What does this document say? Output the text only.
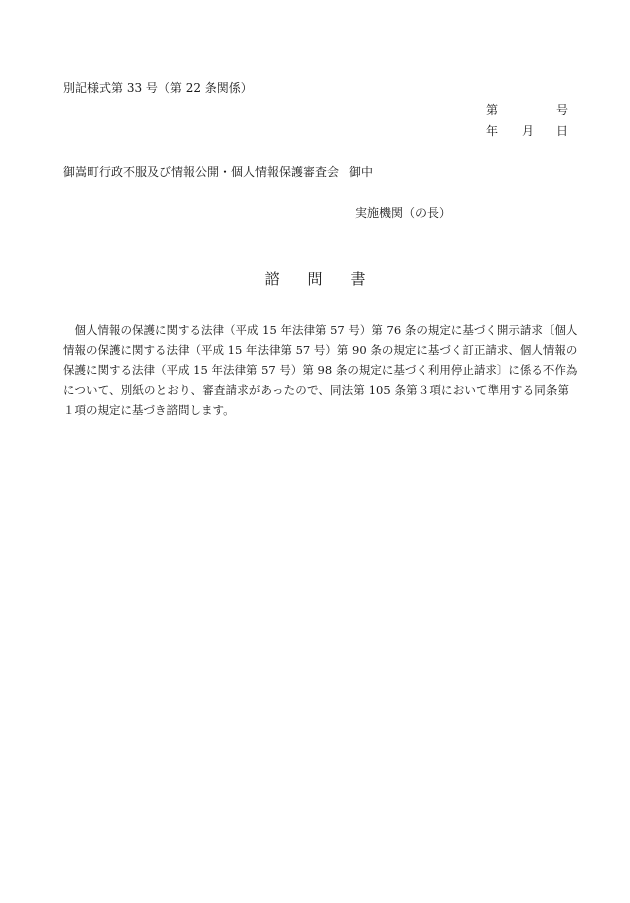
別記様式第 33 号（第 22 条関係）
第	号
年 月 日
御嵩町行政不服及び情報公開・個人情報保護審査会 御中
実施機関（の長）
諮問書
　個人情報の保護に関する法律（平成 15 年法律第 57 号）第 76 条の規定に基づく開示請求〔個人
情報の保護に関する法律（平成 15 年法律第 57 号）第 90 条の規定に基づく訂正請求、個人情報の
保護に関する法律（平成 15 年法律第 57 号）第 98 条の規定に基づく利用停止請求〕に係る不作為
について、別紙のとおり、審査請求があったので、同法第 105 条第３項において準用する同条第
１項の規定に基づき諮問します。
